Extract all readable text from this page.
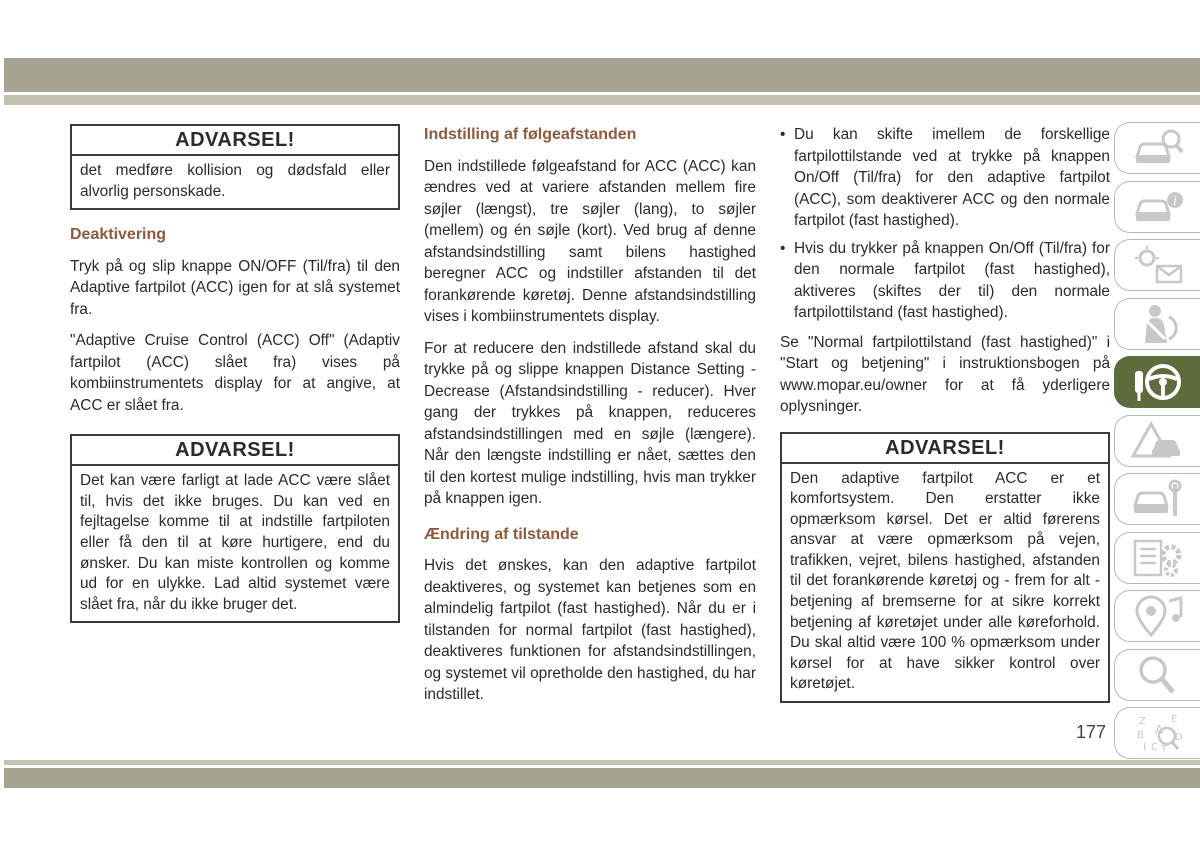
ADVARSEL!
det medføre kollision og dødsfald eller alvorlig personskade.
Deaktivering

Tryk på og slip knappe ON/OFF (Til/fra) til den Adaptive fartpilot (ACC) igen for at slå systemet fra.

"Adaptive Cruise Control (ACC) Off" (Adaptiv fartpilot (ACC) slået fra) vises på kombiinstrumentets display for at angive, at ACC er slået fra.

ADVARSEL!
Det kan være farligt at lade ACC være slået til, hvis det ikke bruges. Du kan ved en fejltagelse komme til at indstille fartpiloten eller få den til at køre hurtigere, end du ønsker. Du kan miste kontrollen og komme ud for en ulykke. Lad altid systemet være slået fra, når du ikke bruger det.
Indstilling af følgeafstanden

Den indstillede følgeafstand for ACC (ACC) kan ændres ved at variere afstanden mellem fire søjler (længst), tre søjler (lang), to søjler (mellem) og én søjle (kort). Ved brug af denne afstandsindstilling samt bilens hastighed beregner ACC og indstiller afstanden til det forankørende køretøj. Denne afstandsindstilling vises i kombiinstrumentets display.

For at reducere den indstillede afstand skal du trykke på og slippe knappen Distance Setting - Decrease (Afstandsindstilling - reducer). Hver gang der trykkes på knappen, reduceres afstandsindstillingen med en søjle (længere). Når den længste indstilling er nået, sættes den til den kortest mulige indstilling, hvis man trykker på knappen igen.

Ændring af tilstande

Hvis det ønskes, kan den adaptive fartpilot deaktiveres, og systemet kan betjenes som en almindelig fartpilot (fast hastighed). Når du er i tilstanden for normal fartpilot (fast hastighed), deaktiveres funktionen for afstandsindstillingen, og systemet vil opretholde den hastighed, du har indstillet.

• Du kan skifte imellem de forskellige fartpilottilstande ved at trykke på knappen On/Off (Til/fra) for den adaptive fartpilot (ACC), som deaktiverer ACC og den normale fartpilot (fast hastighed).
• Hvis du trykker på knappen On/Off (Til/fra) for den normale fartpilot (fast hastighed), aktiveres (skiftes der til) den normale fartpilottilstand (fast hastighed).

Se "Normal fartpilottilstand (fast hastighed)" i "Start og betjening" i instruktionsbogen på www.mopar.eu/owner for at få yderligere oplysninger.

ADVARSEL!
Den adaptive fartpilot ACC er et komfortsystem. Den erstatter ikke opmærksom kørsel. Det er altid førerens ansvar at være opmærksom på vejen, trafikken, vejret, bilens hastighed, afstanden til det forankørende køretøj og - frem for alt - betjening af bremserne for at sikre korrekt betjening af køretøjet under alle køreforhold. Du skal altid være 100 % opmærksom under kørsel for at have sikker kontrol over køretøjet.
i
Z	E
A
B	D
I C T
177
